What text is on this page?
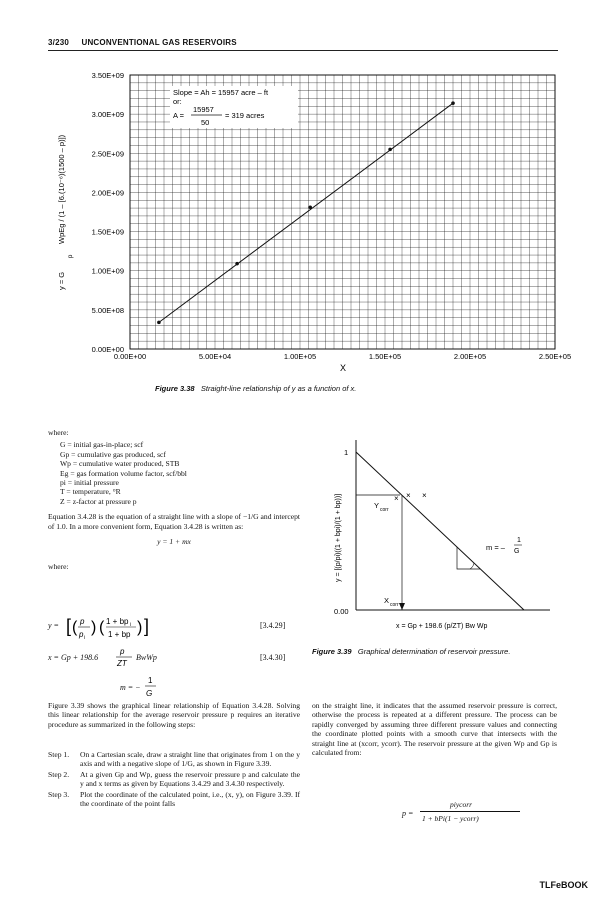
3/230 UNCONVENTIONAL GAS RESERVOIRS
0.00E+00
5.00E+08
1.00E+09
1.50E+09
2.00E+09
2.50E+09
3.00E+09
3.50E+09
0.00E+00	5.00E+04	1.00E+05	1.50E+05	2.00E+05	2.50E+05
Slope = Ah = 15957 acre – ft
or:
A =
15957
50
= 319 acres
X
y = G
p
WpEg / (1 – [6.(10⁻⁶)(1500 – p)])
Figure 3.38 Straight-line relationship of y as a function of x.
where:
G = initial gas-in-place; scf
Gp = cumulative gas produced, scf
Wp = cumulative water produced, STB
Eg = gas formation volume factor, scf/bbl
pi = initial pressure
T = temperature, °R
Z = z-factor at pressure p
Equation 3.4.28 is the equation of a straight line with a slope of −1/G and intercept of 1.0. In a more convenient form, Equation 3.4.28 is written as:
y = 1 + mx
where:
y = [ ( p
p i
) ( 1 + bp i
1 + bp ) ]	[3.4.29]
x = Gp + 198.6
p
ZT
BwWp	[3.4.30]
m = −
1
G
Figure 3.39 shows the graphical linear relationship of Equation 3.4.28. Solving this linear relationship for the average reservoir pressure p requires an iterative procedure as summarized in the following steps:
Step 1.	On a Cartesian scale, draw a straight line that originates from 1 on the y axis and with a negative slope of 1/G, as shown in Figure 3.39.
Step 2.	At a given Gp and Wp, guess the reservoir pressure p and calculate the y and x terms as given by Equations 3.4.29 and 3.4.30 respectively.
Step 3.	Plot the coordinate of the calculated point, i.e., (x, y), on Figure 3.39. If the coordinate of the point falls
1
0.00
× × ×
Y corr
X corr
m = –
1
G
x = Gp + 198.6 (p/ZT) Bw Wp
y = [(p/pi)((1 + bpi)/(1 + bp))]
Figure 3.39 Graphical determination of reservoir pressure.
on the straight line, it indicates that the assumed reservoir pressure is correct, otherwise the process is repeated at a different pressure. The process can be rapidly converged by assuming three different pressure values and connecting the coordinate plotted points with a smooth curve that intersects with the straight line at (xcorr, ycorr). The reservoir pressure at the given Wp and Gp is calculated from:
p =
piycorr
1 + bPi(1 − ycorr)
TLFeBOOK
